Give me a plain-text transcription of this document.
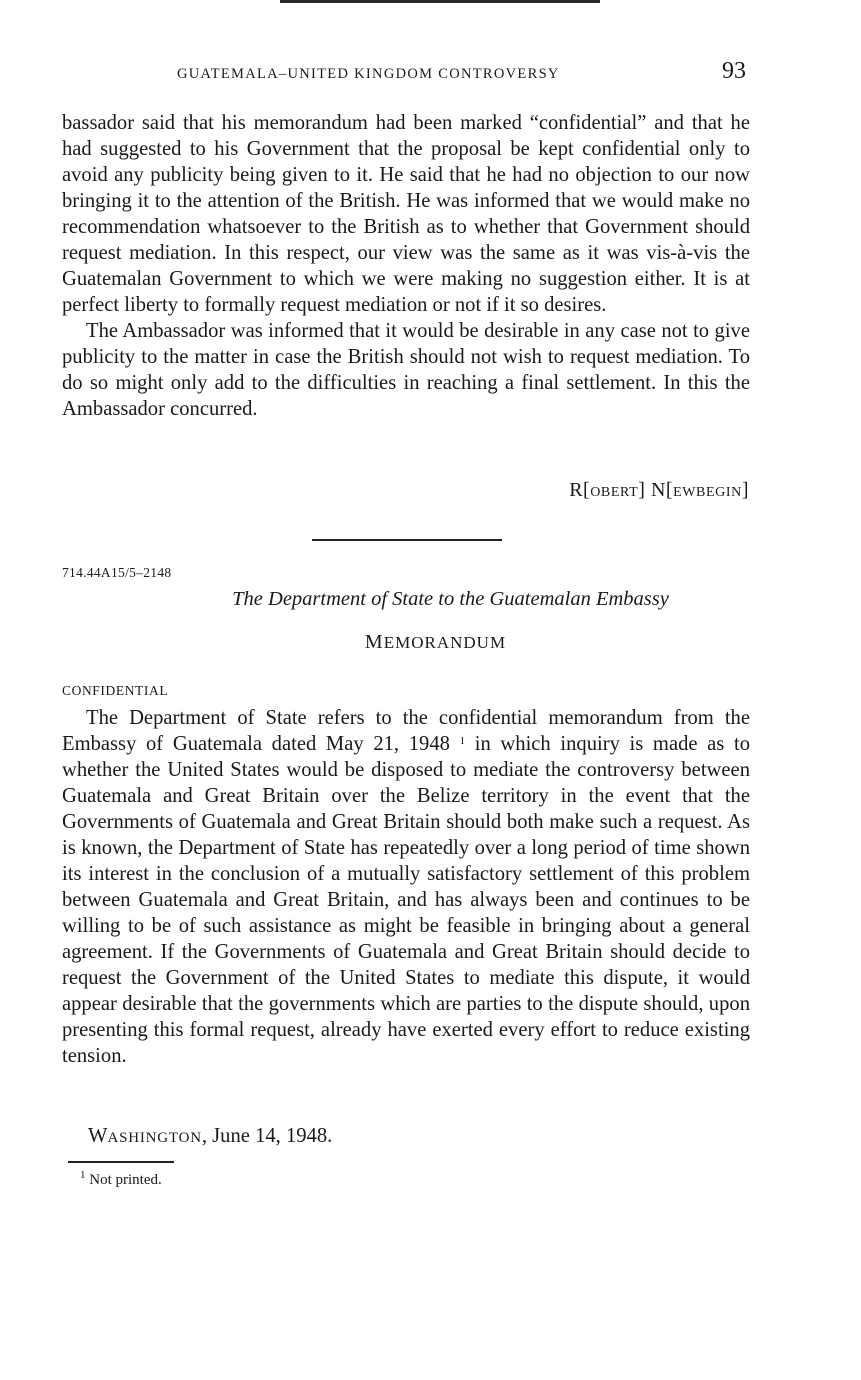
GUATEMALA–UNITED KINGDOM CONTROVERSY	93

bassador said that his memorandum had been marked “confidential” and that he had suggested to his Government that the proposal be kept confidential only to avoid any publicity being given to it. He said that he had no objection to our now bringing it to the attention of the British. He was informed that we would make no recommendation whatsoever to the British as to whether that Government should request mediation. In this respect, our view was the same as it was vis-à-vis the Guatemalan Government to which we were making no suggestion either. It is at perfect liberty to formally request mediation or not if it so desires.

The Ambassador was informed that it would be desirable in any case not to give publicity to the matter in case the British should not wish to request mediation. To do so might only add to the difficulties in reaching a final settlement. In this the Ambassador concurred.

R[OBERT] N[EWBEGIN]
714.44A15/5–2148
The Department of State to the Guatemalan Embassy
MEMORANDUM
CONFIDENTIAL

The Department of State refers to the confidential memorandum from the Embassy of Guatemala dated May 21, 1948 $^1$ in which inquiry is made as to whether the United States would be disposed to mediate the controversy between Guatemala and Great Britain over the Belize territory in the event that the Governments of Guatemala and Great Britain should both make such a request. As is known, the Department of State has repeatedly over a long period of time shown its interest in the conclusion of a mutually satisfactory settlement of this problem between Guatemala and Great Britain, and has always been and continues to be willing to be of such assistance as might be feasible in bringing about a general agreement. If the Governments of Guatemala and Great Britain should decide to request the Government of the United States to mediate this dispute, it would appear desirable that the governments which are parties to the dispute should, upon presenting this formal request, already have exerted every effort to reduce existing tension.

WASHINGTON, June 14, 1948.
$^1$ Not printed.
